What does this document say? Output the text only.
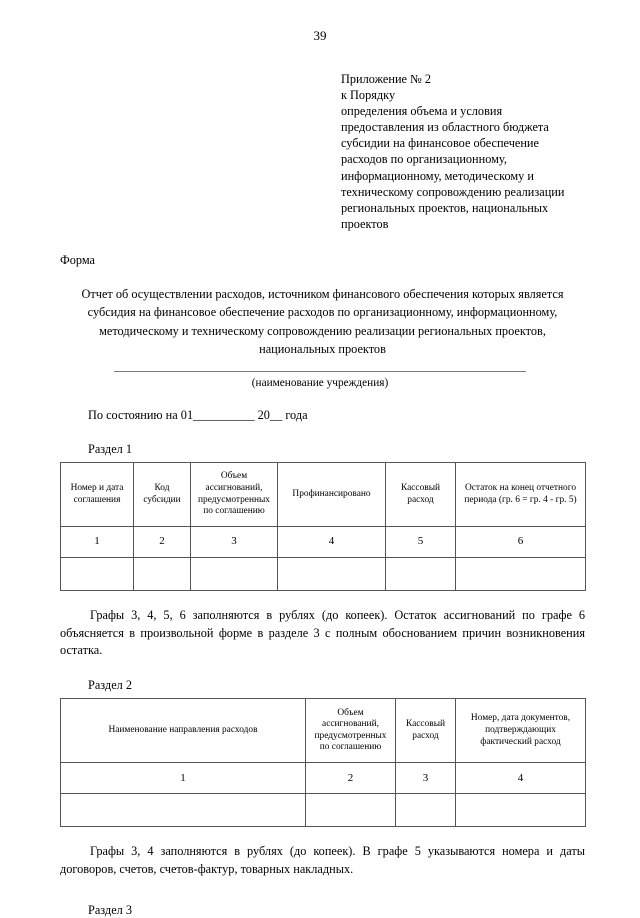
39
Приложение № 2
к Порядку
определения объема и условия
предоставления из областного бюджета
субсидии на финансовое обеспечение
расходов по организационному,
информационному, методическому и
техническому сопровождению реализации
региональных проектов, национальных
проектов
Форма
Отчет об осуществлении расходов, источником финансового обеспечения которых является субсидия на финансовое обеспечение расходов по организационному, информационному, методическому и техническому сопровождению реализации региональных проектов, национальных проектов
(наименование учреждения)
По состоянию на 01__________ 20__ года
Раздел 1
Номер и дата соглашения	Код субсидии	Объем ассигнований, предусмотренных по соглашению	Профинансировано	Кассовый расход	Остаток на конец отчетного периода (гр. 6 = гр. 4 - гр. 5)
1	2	3	4	5	6

Графы 3, 4, 5, 6 заполняются в рублях (до копеек). Остаток ассигнований по графе 6 объясняется в произвольной форме в разделе 3 с полным обоснованием причин возникновения остатка.
Раздел 2
Наименование направления расходов	Объем ассигнований, предусмотренных по соглашению	Кассовый расход	Номер, дата документов, подтверждающих фактический расход
1	2	3	4

Графы 3, 4 заполняются в рублях (до копеек). В графе 5 указываются номера и даты договоров, счетов, счетов-фактур, товарных накладных.
Раздел 3
